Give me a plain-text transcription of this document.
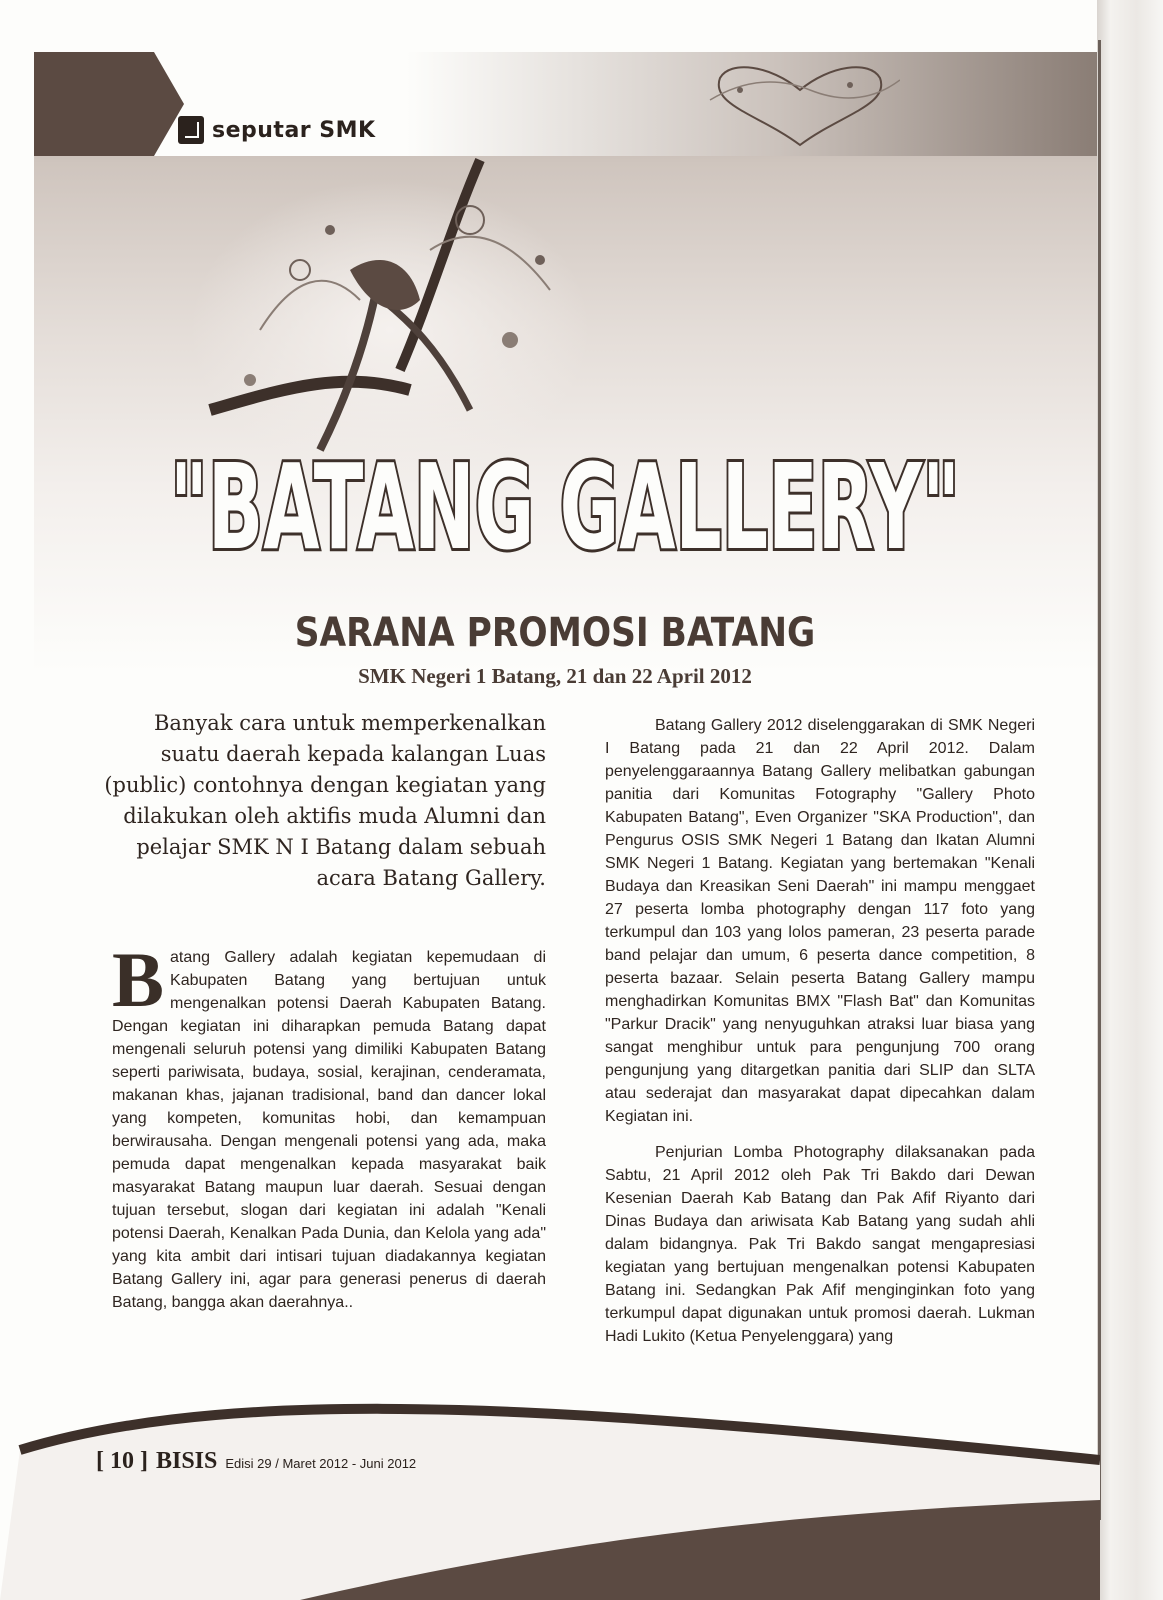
seputar SMK
"BATANG GALLERY"
SARANA PROMOSI BATANG
SMK Negeri 1 Batang, 21 dan 22 April 2012
Banyak cara untuk memperkenalkan suatu daerah kepada kalangan Luas (public) contohnya dengan kegiatan yang dilakukan oleh aktifis muda Alumni dan pelajar SMK N I Batang dalam sebuah acara Batang Gallery.
B atang Gallery adalah kegiatan kepemudaan di Kabupaten Batang yang bertujuan untuk mengenalkan potensi Daerah Kabupaten Batang. Dengan kegiatan ini diharapkan pemuda Batang dapat mengenali seluruh potensi yang dimiliki Kabupaten Batang seperti pariwisata, budaya, sosial, kerajinan, cenderamata, makanan khas, jajanan tradisional, band dan dancer lokal yang kompeten, komunitas hobi, dan kemampuan berwirausaha. Dengan mengenali potensi yang ada, maka pemuda dapat mengenalkan kepada masyarakat baik masyarakat Batang maupun luar daerah. Sesuai dengan tujuan tersebut, slogan dari kegiatan ini adalah "Kenali potensi Daerah, Kenalkan Pada Dunia, dan Kelola yang ada" yang kita ambit dari intisari tujuan diadakannya kegiatan Batang Gallery ini, agar para generasi penerus di daerah Batang, bangga akan daerahnya..

Batang Gallery 2012 diselenggarakan di SMK Negeri I Batang pada 21 dan 22 April 2012. Dalam penyelenggaraannya Batang Gallery melibatkan gabungan panitia dari Komunitas Fotography "Gallery Photo Kabupaten Batang", Even Organizer "SKA Production", dan Pengurus OSIS SMK Negeri 1 Batang dan Ikatan Alumni SMK Negeri 1 Batang. Kegiatan yang bertemakan "Kenali Budaya dan Kreasikan Seni Daerah" ini mampu menggaet 27 peserta lomba photography dengan 117 foto yang terkumpul dan 103 yang lolos pameran, 23 peserta parade band pelajar dan umum, 6 peserta dance competition, 8 peserta bazaar. Selain peserta Batang Gallery mampu menghadirkan Komunitas BMX "Flash Bat" dan Komunitas "Parkur Dracik" yang nenyuguhkan atraksi luar biasa yang sangat menghibur untuk para pengunjung 700 orang pengunjung yang ditargetkan panitia dari SLIP dan SLTA atau sederajat dan masyarakat dapat dipecahkan dalam Kegiatan ini.

Penjurian Lomba Photography dilaksanakan pada Sabtu, 21 April 2012 oleh Pak Tri Bakdo dari Dewan Kesenian Daerah Kab Batang dan Pak Afif Riyanto dari Dinas Budaya dan ariwisata Kab Batang yang sudah ahli dalam bidangnya. Pak Tri Bakdo sangat mengapresiasi kegiatan yang bertujuan mengenalkan potensi Kabupaten Batang ini. Sedangkan Pak Afif menginginkan foto yang terkumpul dapat digunakan untuk promosi daerah. Lukman Hadi Lukito (Ketua Penyelenggara) yang

[ 10 ] BISIS Edisi 29 / Maret 2012 - Juni 2012
